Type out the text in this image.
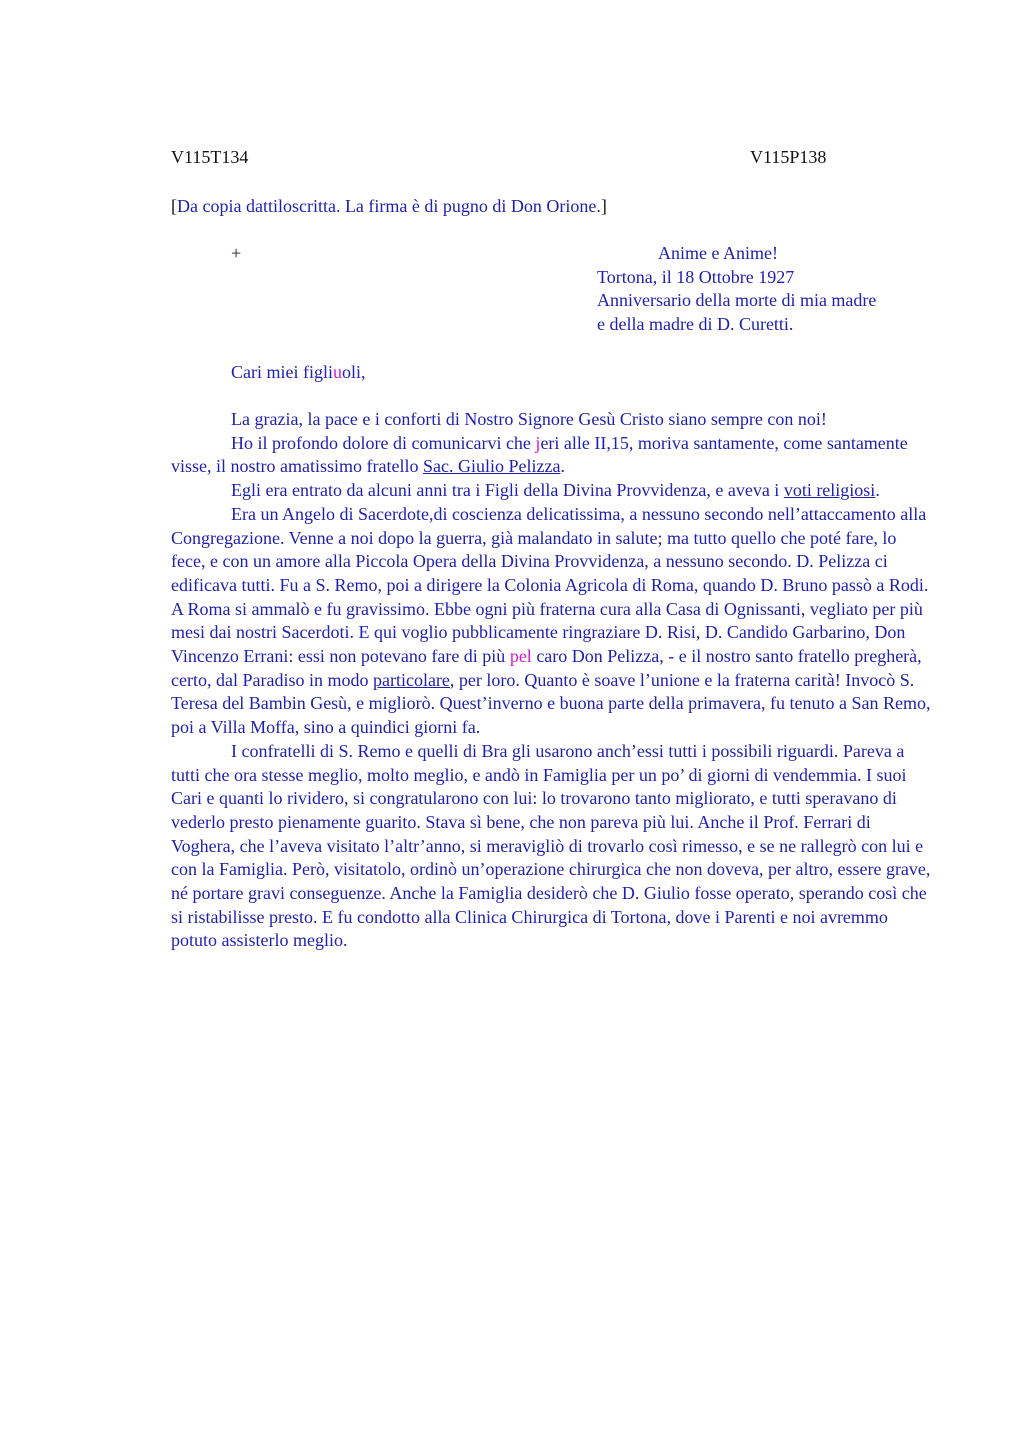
V115T134	V115P138
[Da copia dattiloscritta. La firma è di pugno di Don Orione.]
+	Anime e Anime!
Tortona, il 18 Ottobre 1927
Anniversario della morte di mia madre
e della madre di D. Curetti.
Cari miei figliuoli,

La grazia, la pace e i conforti di Nostro Signore Gesù Cristo siano sempre con noi!

Ho il profondo dolore di comunicarvi che jeri alle II,15, moriva santamente, come santamente visse, il nostro amatissimo fratello Sac. Giulio Pelizza.

Egli era entrato da alcuni anni tra i Figli della Divina Provvidenza, e aveva i voti religiosi.

Era un Angelo di Sacerdote,di coscienza delicatissima, a nessuno secondo nell’attaccamento alla Congregazione. Venne a noi dopo la guerra, già malandato in salute; ma tutto quello che poté fare, lo fece, e con un amore alla Piccola Opera della Divina Provvidenza, a nessuno secondo. D. Pelizza ci edificava tutti. Fu a S. Remo, poi a dirigere la Colonia Agricola di Roma, quando D. Bruno passò a Rodi. A Roma si ammalò e fu gravissimo. Ebbe ogni più fraterna cura alla Casa di Ognissanti, vegliato per più mesi dai nostri Sacerdoti. E qui voglio pubblicamente ringraziare D. Risi, D. Candido Garbarino, Don Vincenzo Errani: essi non potevano fare di più pel caro Don Pelizza, - e il nostro santo fratello pregherà, certo, dal Paradiso in modo particolare, per loro. Quanto è soave l’unione e la fraterna carità! Invocò S. Teresa del Bambin Gesù, e migliorò. Quest’inverno e buona parte della primavera, fu tenuto a San Remo, poi a Villa Moffa, sino a quindici giorni fa.

I confratelli di S. Remo e quelli di Bra gli usarono anch’essi tutti i possibili riguardi. Pareva a tutti che ora stesse meglio, molto meglio, e andò in Famiglia per un po’ di giorni di vendemmia. I suoi Cari e quanti lo rividero, si congratularono con lui: lo trovarono tanto migliorato, e tutti speravano di vederlo presto pienamente guarito. Stava sì bene, che non pareva più lui. Anche il Prof. Ferrari di Voghera, che l’aveva visitato l’altr’anno, si meravigliò di trovarlo così rimesso, e se ne rallegrò con lui e con la Famiglia. Però, visitatolo, ordinò un’operazione chirurgica che non doveva, per altro, essere grave, né portare gravi conseguenze. Anche la Famiglia desiderò che D. Giulio fosse operato, sperando così che si ristabilisse presto. E fu condotto alla Clinica Chirurgica di Tortona, dove i Parenti e noi avremmo potuto assisterlo meglio.
